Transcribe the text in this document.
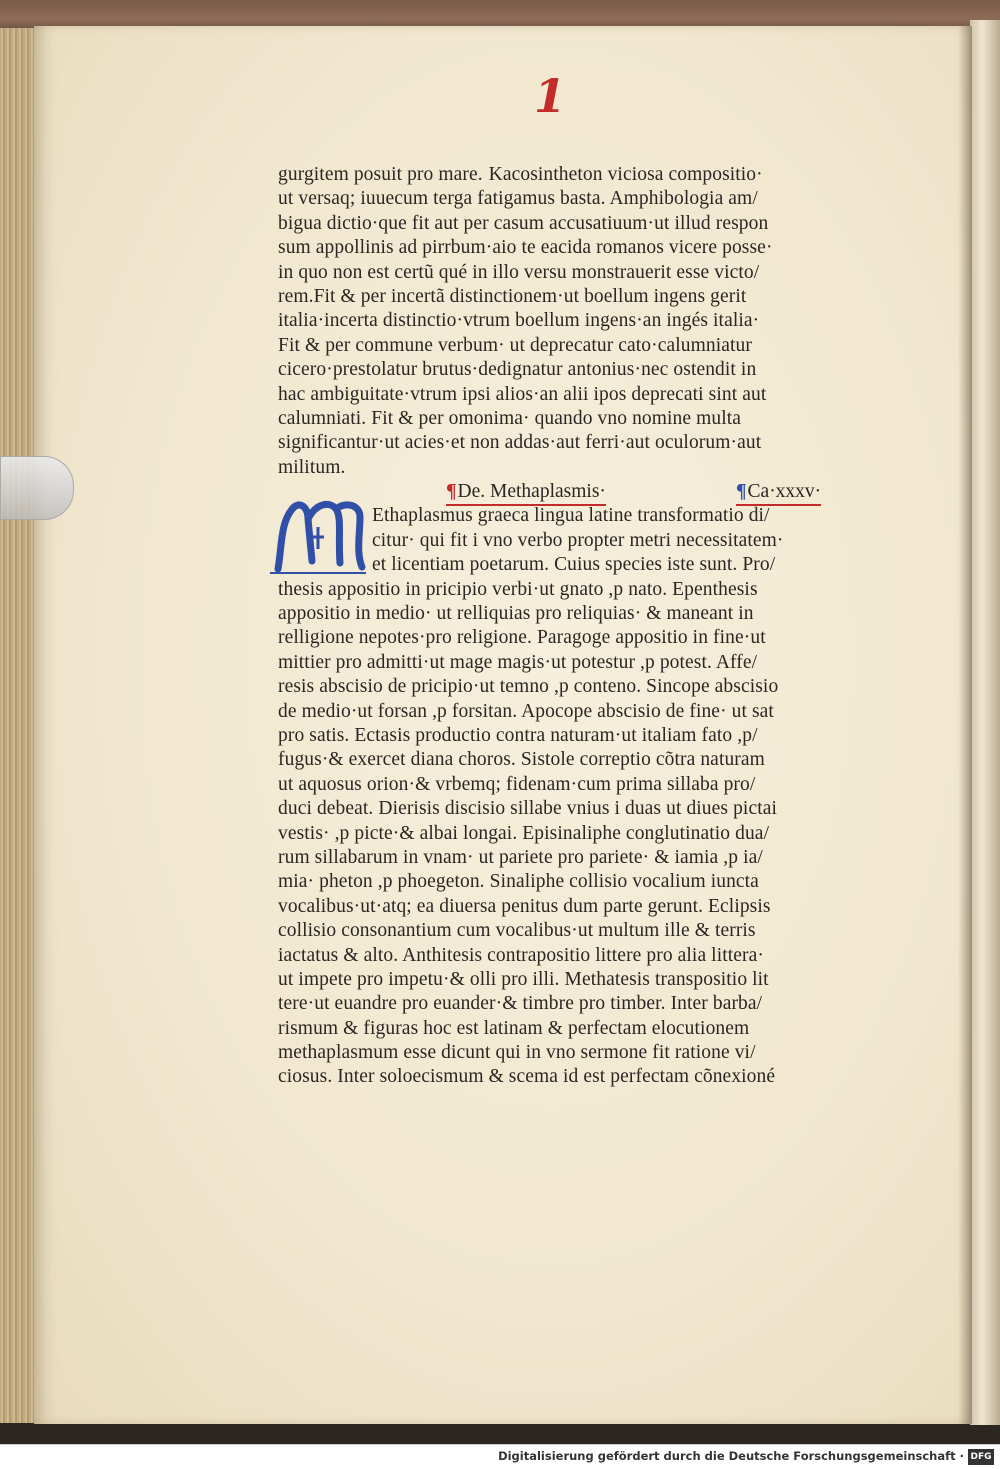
1
gurgitem posuit pro mare. Kacosintheton viciosa compositio·
ut versaq; iuuecum terga fatigamus basta. Amphibologia am/
bigua dictio·que fit aut per casum accusatiuum·ut illud respon
sum appollinis ad pirrbum·aio te eacida romanos vicere posse·
in quo non est certũ qué in illo versu monstrauerit esse victo/
rem.Fit & per incertã distinctionem·ut boellum ingens gerit
italia·incerta distinctio·vtrum boellum ingens·an ingés italia·
Fit & per commune verbum· ut deprecatur cato·calumniatur
cicero·prestolatur brutus·dedignatur antonius·nec ostendit in
hac ambiguitate·vtrum ipsi alios·an alii ipos deprecati sint aut
calumniati. Fit & per omonima· quando vno nomine multa
significantur·ut acies·et non addas·aut ferri·aut oculorum·aut
militum.
¶De. Methaplasmis·	¶Ca·xxxv·
Ethaplasmus graeca lingua latine transformatio di/
citur· qui fit i vno verbo propter metri necessitatem·
et licentiam poetarum. Cuius species iste sunt. Pro/
thesis appositio in pricipio verbi·ut gnato ,p nato. Epenthesis
appositio in medio· ut relliquias pro reliquias· & maneant in
relligione nepotes·pro religione. Paragoge appositio in fine·ut
mittier pro admitti·ut mage magis·ut potestur ,p potest. Affe/
resis abscisio de pricipio·ut temno ,p conteno. Sincope abscisio
de medio·ut forsan ,p forsitan. Apocope abscisio de fine· ut sat
pro satis. Ectasis productio contra naturam·ut italiam fato ,p/
fugus·& exercet diana choros. Sistole correptio cõtra naturam
ut aquosus orion·& vrbemq; fidenam·cum prima sillaba pro/
duci debeat. Dierisis discisio sillabe vnius i duas ut diues pictai
vestis· ,p picte·& albai longai. Episinaliphe conglutinatio dua/
rum sillabarum in vnam· ut pariete pro pariete· & iamia ,p ia/
mia· pheton ,p phoegeton. Sinaliphe collisio vocalium iuncta
vocalibus·ut·atq; ea diuersa penitus dum parte gerunt. Eclipsis
collisio consonantium cum vocalibus·ut multum ille & terris
iactatus & alto. Anthitesis contrapositio littere pro alia littera·
ut impete pro impetu·& olli pro illi. Methatesis transpositio lit
tere·ut euandre pro euander·& timbre pro timber. Inter barba/
rismum & figuras hoc est latinam & perfectam elocutionem
methaplasmum esse dicunt qui in vno sermone fit ratione vi/
ciosus. Inter soloecismum & scema id est perfectam cõnexioné
Digitalisierung gefördert durch die Deutsche Forschungsgemeinschaft · DFG
